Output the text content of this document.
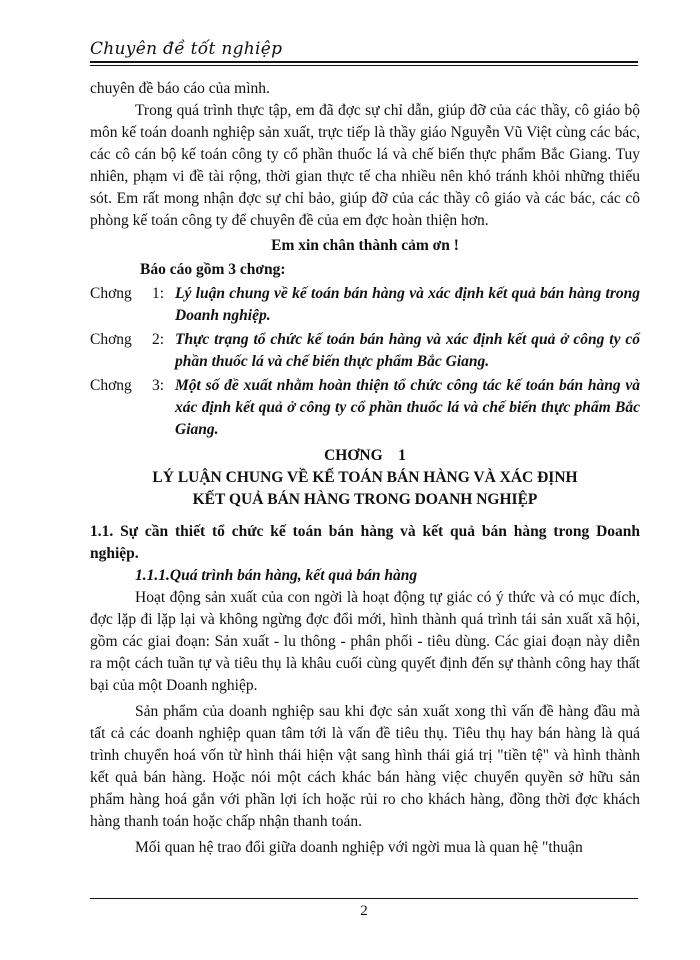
Chuyên đề tốt nghiệp

chuyên đề báo cáo của mình.

Trong quá trình thực tập, em đã đợc sự chỉ dẫn, giúp đỡ của các thầy, cô giáo bộ môn kế toán doanh nghiệp sản xuất, trực tiếp là thầy giáo Nguyễn Vũ Việt cùng các bác, các cô cán bộ kế toán công ty cổ phần thuốc lá và chế biến thực phẩm Bắc Giang. Tuy nhiên, phạm vi đề tài rộng, thời gian thực tế cha nhiều nên khó tránh khỏi những thiếu sót. Em rất mong nhận đợc sự chỉ bảo, giúp đỡ của các thầy cô giáo và các bác, các cô phòng kế toán công ty để chuyên đề của em đợc hoàn thiện hơn.

Em xin chân thành cảm ơn !

Báo cáo gồm 3 chơng:

Chơng	1: Lý luận chung về kế toán bán hàng và xác định kết quả bán hàng trong Doanh nghiệp.
Chơng	2: Thực trạng tổ chức kế toán bán hàng và xác định kết quả ở công ty cổ phần thuốc lá và chế biến thực phẩm Bắc Giang.
Chơng	3: Một số đề xuất nhằm hoàn thiện tổ chức công tác kế toán bán hàng và xác định kết quả ở công ty cổ phần thuốc lá và chế biến thực phẩm Bắc Giang.
CHƠNG    1
LÝ LUẬN CHUNG VỀ KẾ TOÁN BÁN HÀNG VÀ XÁC ĐỊNH
KẾT QUẢ BÁN HÀNG TRONG DOANH NGHIỆP

1.1. Sự cần thiết tổ chức kế toán bán hàng và kết quả bán hàng trong Doanh nghiệp.

1.1.1.Quá trình bán hàng, kết quả bán hàng

Hoạt động sản xuất của con ngời là hoạt động tự giác có ý thức và có mục đích, đợc lặp đi lặp lại và không ngừng đợc đổi mới, hình thành quá trình tái sản xuất xã hội, gồm các giai đoạn: Sản xuất - lu thông - phân phối - tiêu dùng. Các giai đoạn này diễn ra một cách tuần tự và tiêu thụ là khâu cuối cùng quyết định đến sự thành công hay thất bại của một Doanh nghiệp.

Sản phẩm của doanh nghiệp sau khi đợc sản xuất xong thì vấn đề hàng đầu mà tất cả các doanh nghiệp quan tâm tới là vấn đề tiêu thụ. Tiêu thụ hay bán hàng là quá trình chuyển hoá vốn từ hình thái hiện vật sang hình thái giá trị "tiền tệ" và hình thành kết quả bán hàng. Hoặc nói một cách khác bán hàng việc chuyển quyền sở hữu sản phẩm hàng hoá gắn với phần lợi ích hoặc rủi ro cho khách hàng, đồng thời đợc khách hàng thanh toán hoặc chấp nhận thanh toán.

Mối quan hệ trao đổi giữa doanh nghiệp với ngời mua là quan hệ "thuận

2
